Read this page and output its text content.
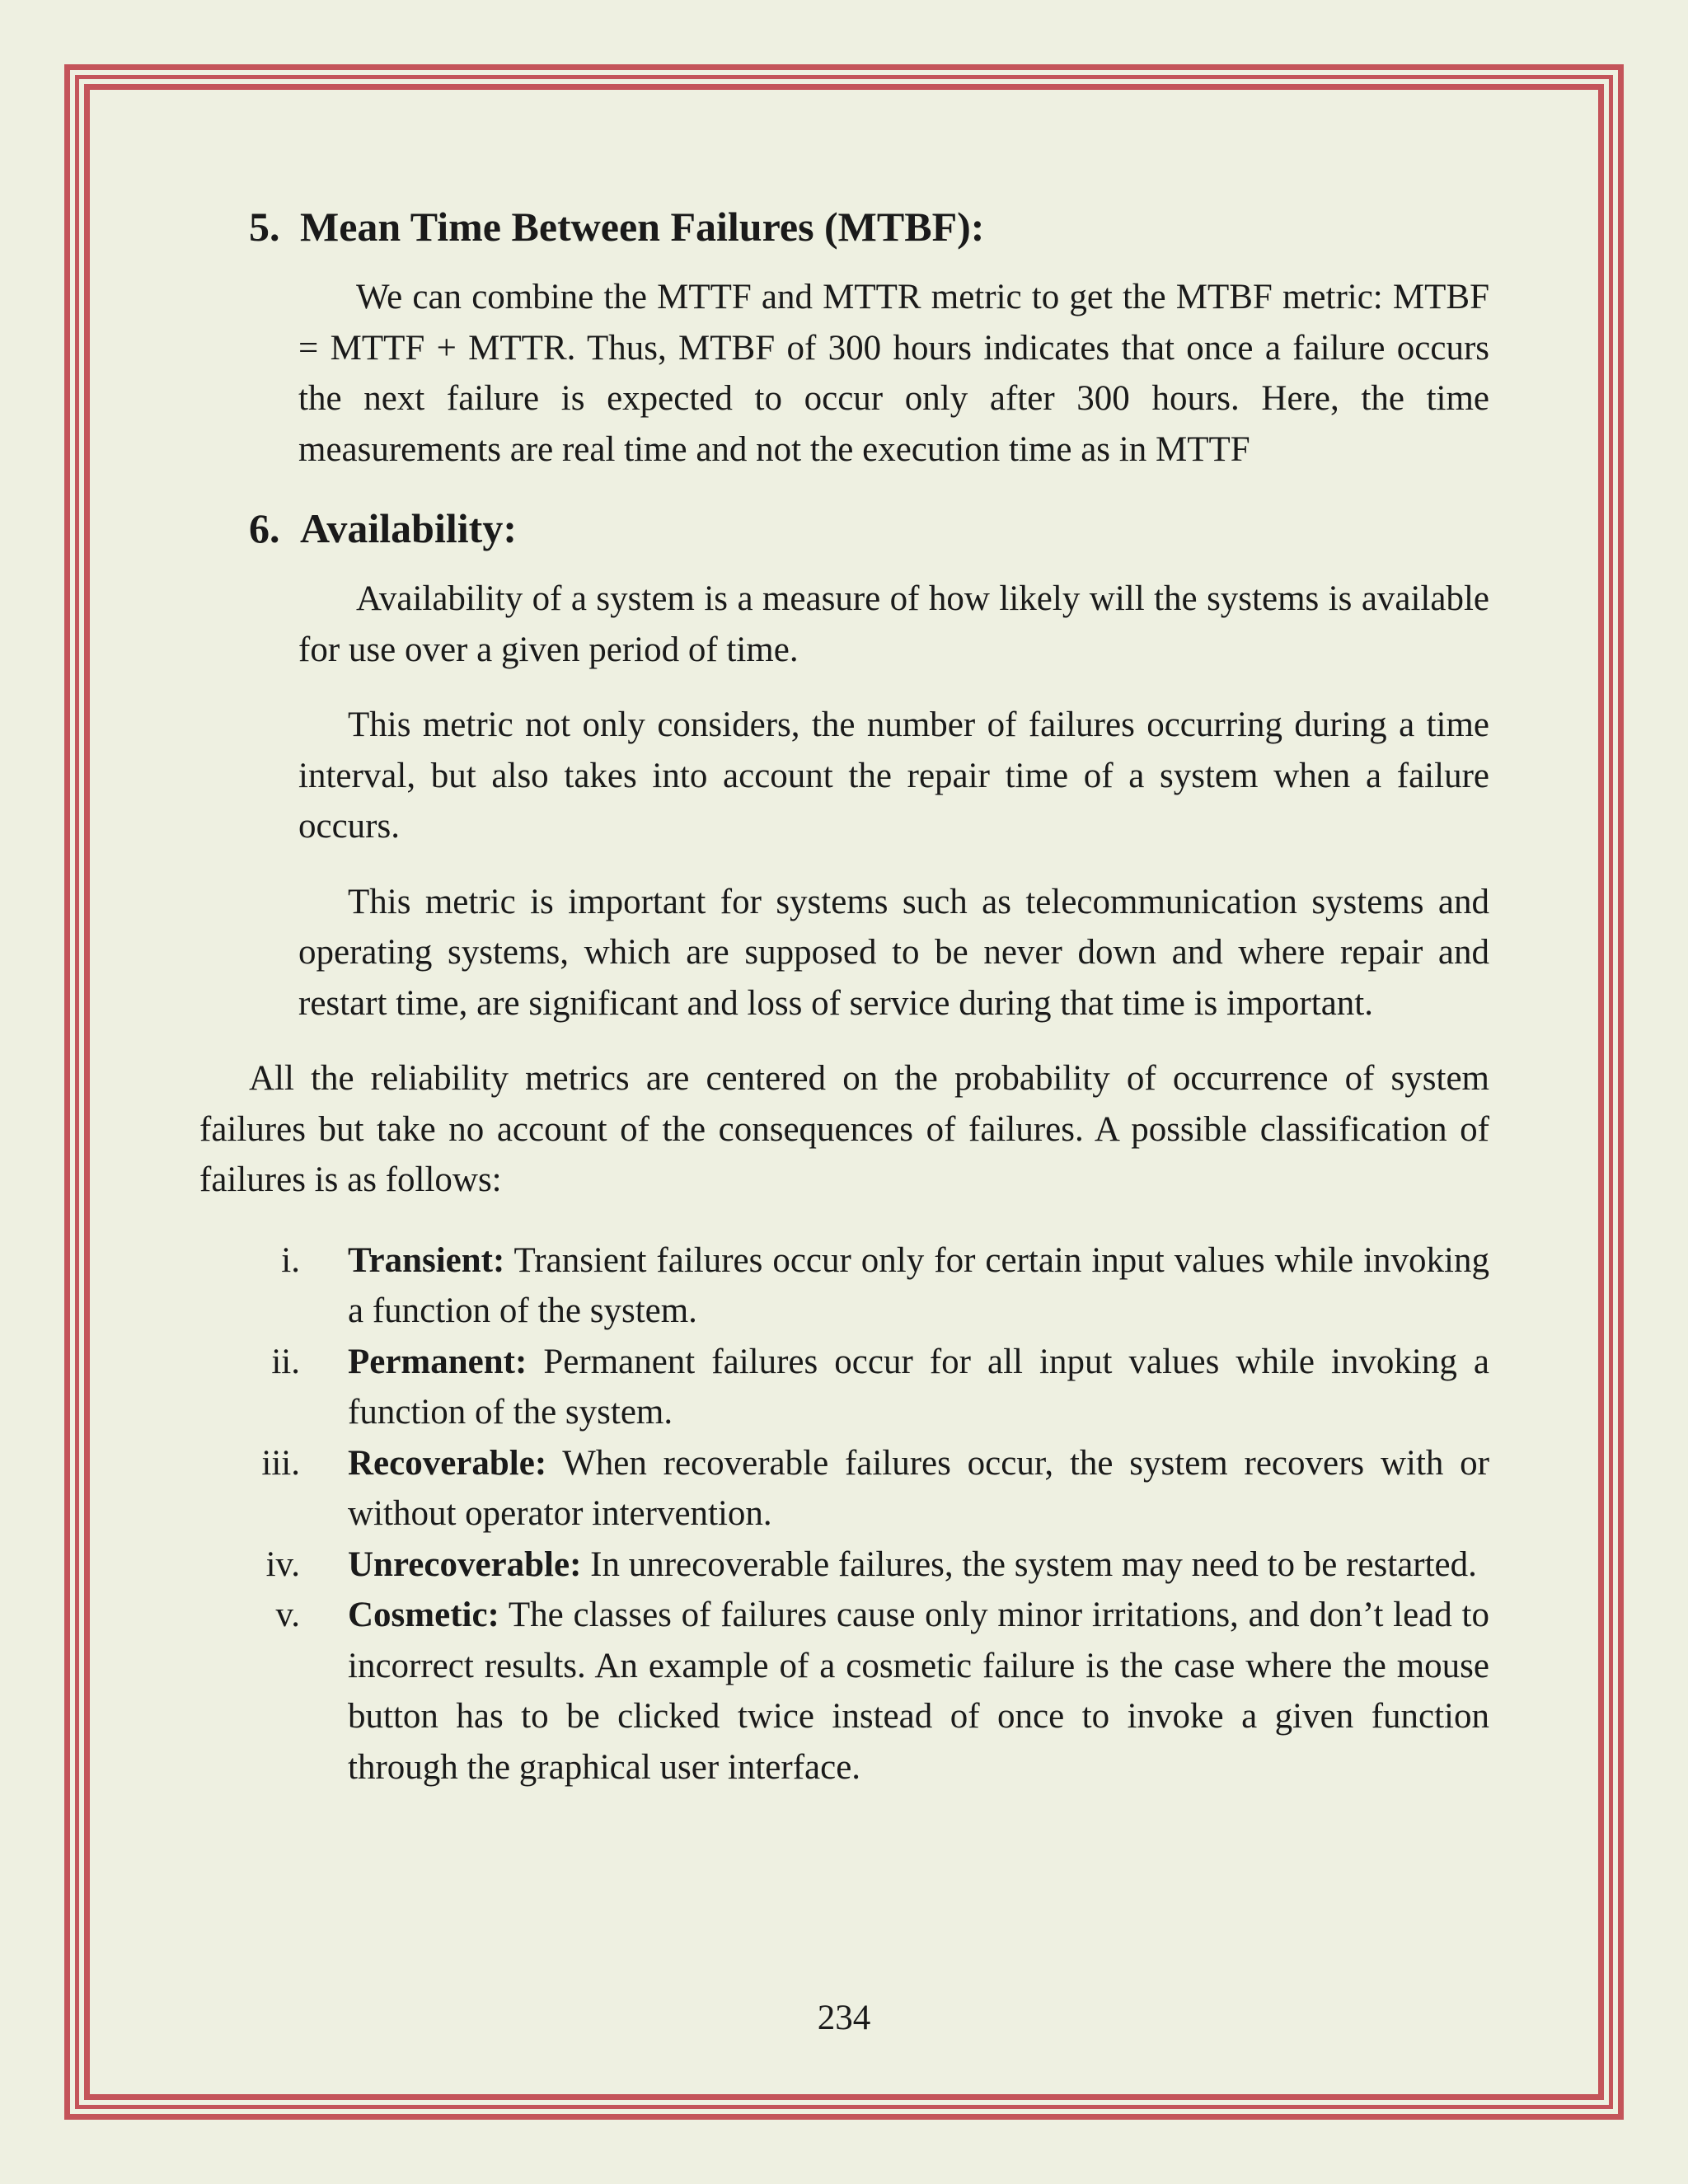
5. Mean Time Between Failures (MTBF):

We can combine the MTTF and MTTR metric to get the MTBF metric: MTBF = MTTF + MTTR. Thus, MTBF of 300 hours indicates that once a failure occurs the next failure is expected to occur only after 300 hours. Here, the time measurements are real time and not the execution time as in MTTF

6. Availability:

Availability of a system is a measure of how likely will the systems is available for use over a given period of time.

This metric not only considers, the number of failures occurring during a time interval, but also takes into account the repair time of a system when a failure occurs.

This metric is important for systems such as telecommunication systems and operating systems, which are supposed to be never down and where repair and restart time, are significant and loss of service during that time is important.

All the reliability metrics are centered on the probability of occurrence of system failures but take no account of the consequences of failures. A possible classification of failures is as follows:

i.	Transient: Transient failures occur only for certain input values while invoking a function of the system.
ii.	Permanent: Permanent failures occur for all input values while invoking a function of the system.
iii.	Recoverable: When recoverable failures occur, the system recovers with or without operator intervention.
iv.	Unrecoverable: In unrecoverable failures, the system may need to be restarted.
v.	Cosmetic: The classes of failures cause only minor irritations, and don’t lead to incorrect results. An example of a cosmetic failure is the case where the mouse button has to be clicked twice instead of once to invoke a given function through the graphical user interface.
234
